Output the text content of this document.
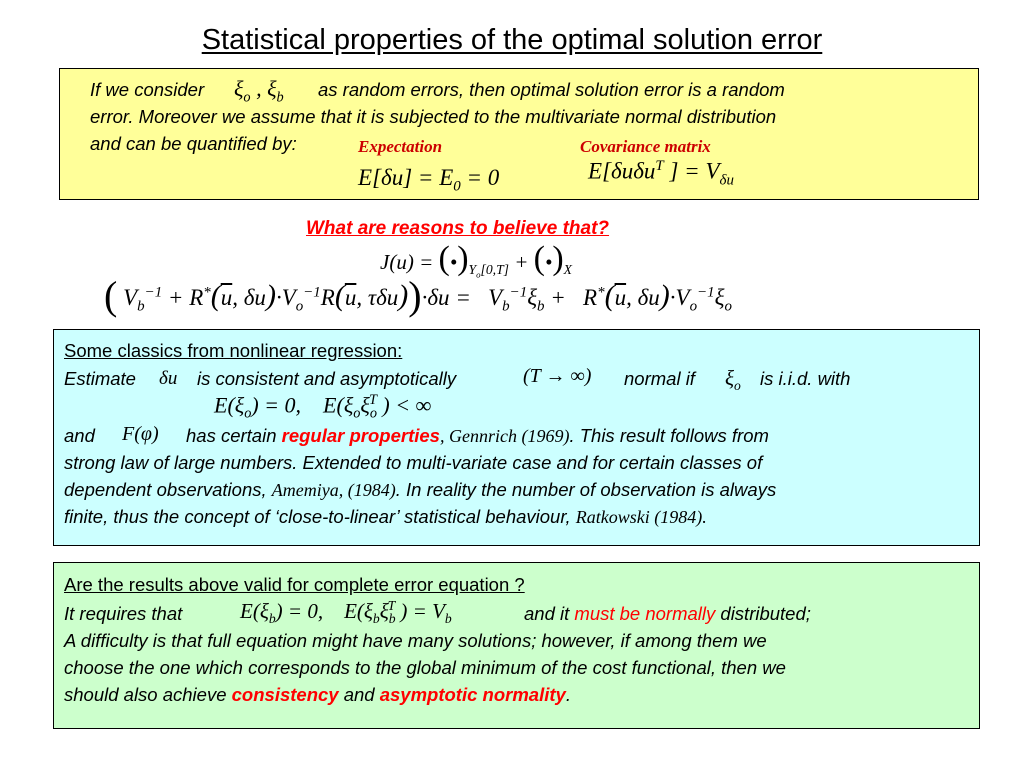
Statistical properties of the optimal solution error
If we consider $\xi_o$ , $\xi_b$ as random errors, then optimal solution error is a random
error. Moreover we assume that it is subjected to the multivariate normal distribution
and can be quantified by:	Expectation	Covariance matrix
$E[\delta u] = E_0 = 0$	E[δuδu$^T$ ] = $V_{\delta u}$
What are reasons to believe that?
$J(u) = (•)_{Y_o[0,T]}$ + $(•)_X$
( $V_b^{-1} + R^*(\overline{u}$, $\delta u)\cdot V_o^{-1}R(\overline{u}$, $\tau\delta u))\cdot\delta u = V_b^{-1}\xi_b + R^*(\overline{u}$, $\delta u)\cdot V_o^{-1}\xi_o$
Some classics from nonlinear regression:
Estimate δu is consistent and asymptotically	(T → ∞) normal if $\xi_o$ is i.i.d. with
$E(\xi_o) = 0$,    $E(\xi_o\xi_o^T$ ) < ∞
and F(φ) has certain regular properties, Gennrich (1969). This result follows from
strong law of large numbers. Extended to multi-variate case and for certain classes of
dependent observations, Amemiya, (1984). In reality the number of observation is always
finite, thus the concept of ‘close-to-linear’ statistical behaviour, Ratkowski (1984).
Are the results above valid for complete error equation ?
It requires that	$E(\xi_b) = 0$,    $E(\xi_b\xi_b^T$ ) = $V_b$	and it must be normally distributed;
A difficulty is that full equation might have many solutions; however, if among them we
choose the one which corresponds to the global minimum of the cost functional, then we
should also achieve consistency and asymptotic normality.
